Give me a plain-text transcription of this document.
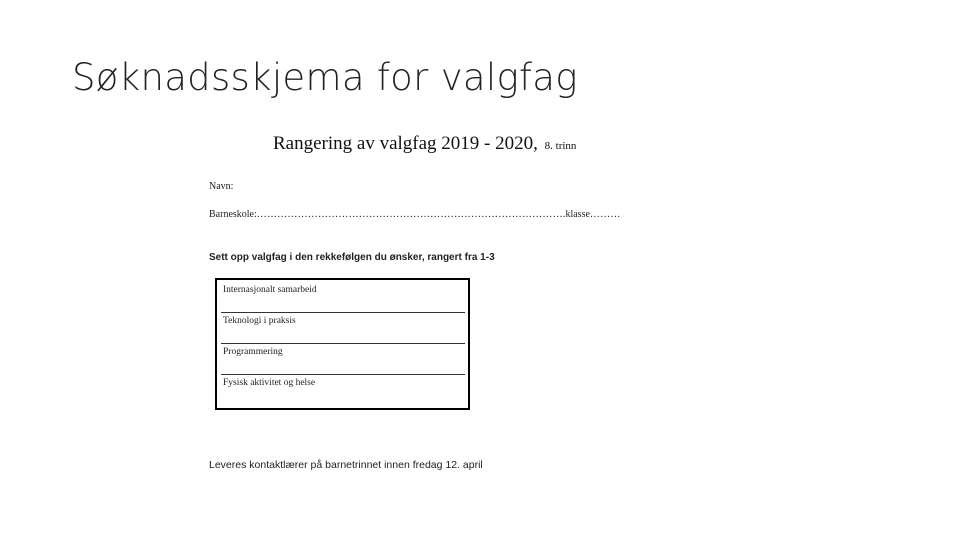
Søknadsskjema for valgfag
Rangering av valgfag 2019 - 2020, 8. trinn
Navn:
Barneskole:……………………………………………………………………………….klasse………
Sett opp valgfag i den rekkefølgen du ønsker, rangert fra 1-3
Internasjonalt samarbeid
Teknologi i praksis
Programmering
Fysisk aktivitet og helse
Leveres kontaktlærer på barnetrinnet innen fredag 12. april
